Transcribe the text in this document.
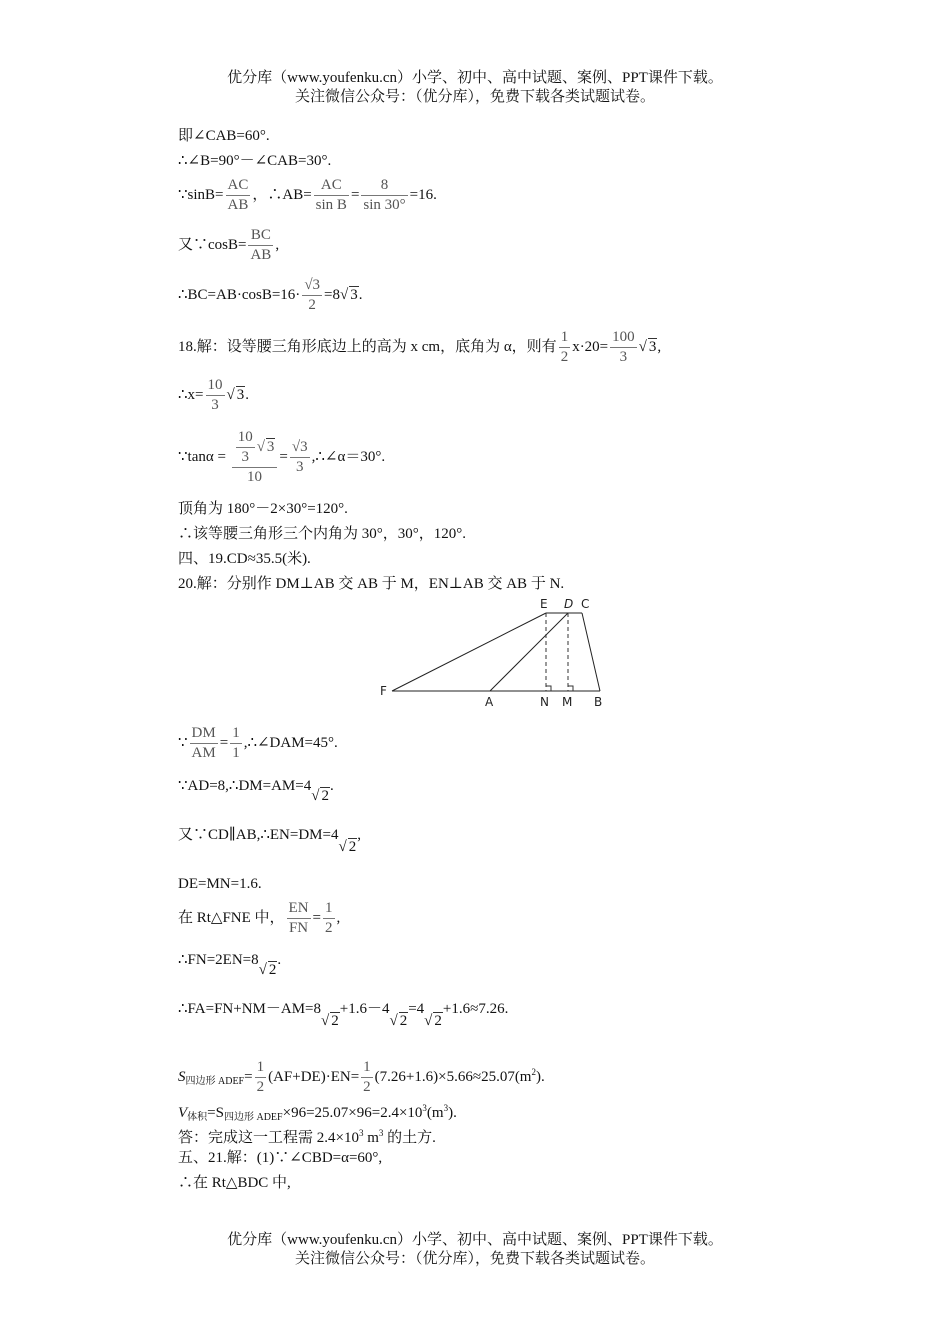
优分库（www.youfenku.cn）小学、初中、高中试题、案例、PPT课件下载。
关注微信公众号：（优分库），免费下载各类试题试卷。
即∠CAB=60°.
∴∠B=90°－∠CAB=30°.
∵sinB= $\frac{AC}{AB}$ ，∴AB= $\frac{AC}{\text{sin B}} = \frac{8}{\sin 30^\circ} =16$.
又∵cosB= $\frac{BC}{AB}$ ,
∴BC=AB·cosB=16· $\frac{√3}{2} =8√$ 3.
18.解：设等腰三角形底边上的高为 x cm，底角为 α，则有 $\frac{1}{2} x\cdot 20= \frac{100}{3}$ √ 3,
∴x= $\frac{10}{3}$ √ 3.
∵tanα = $\frac{\frac{10}{3} √ 3}{10} = \frac{√3}{3}$ ,∴∠α＝30°.
顶角为 180°－2×30°=120°.
∴该等腰三角形三个内角为 30°，30°，120°.
四、19.CD≈35.5(米).
20.解：分别作 DM⊥AB 交 AB 于 M，EN⊥AB 交 AB 于 N.
E D C
F
A	N M B
∵ $\frac{DM}{AM} = \frac{1}{1}$ ,∴∠DAM=45°.
∵AD=8,∴DM=AM=4√ 2.
又∵CD∥AB,∴EN=DM=4√ 2,
DE=MN=1.6.
在 Rt△FNE 中， $\frac{EN}{FN} = \frac{1}{2}$ ,
∴FN=2EN=8√ 2.
∴FA=FN+NM－AM=8√ 2+1.6－4√ 2=4√ 2+1.6≈7.26.
$S_{四边形 ADEF}= \frac{1}{2} (AF+DE)\cdot EN= \frac{1}{2} (7.26+1.6)\times 5.66\approx 25.07(m^2)$.
$V_{体积}=S_{四边形 ADEF}\times 96=25.07\times 96=2.4\times 10^3(m^3)$.
答：完成这一工程需 $2.4\times 10^3$ $m^3$ 的土方.
五、21.解：(1)∵∠CBD=α=60°,
∴在 Rt△BDC 中,
优分库（www.youfenku.cn）小学、初中、高中试题、案例、PPT课件下载。
关注微信公众号：（优分库），免费下载各类试题试卷。
